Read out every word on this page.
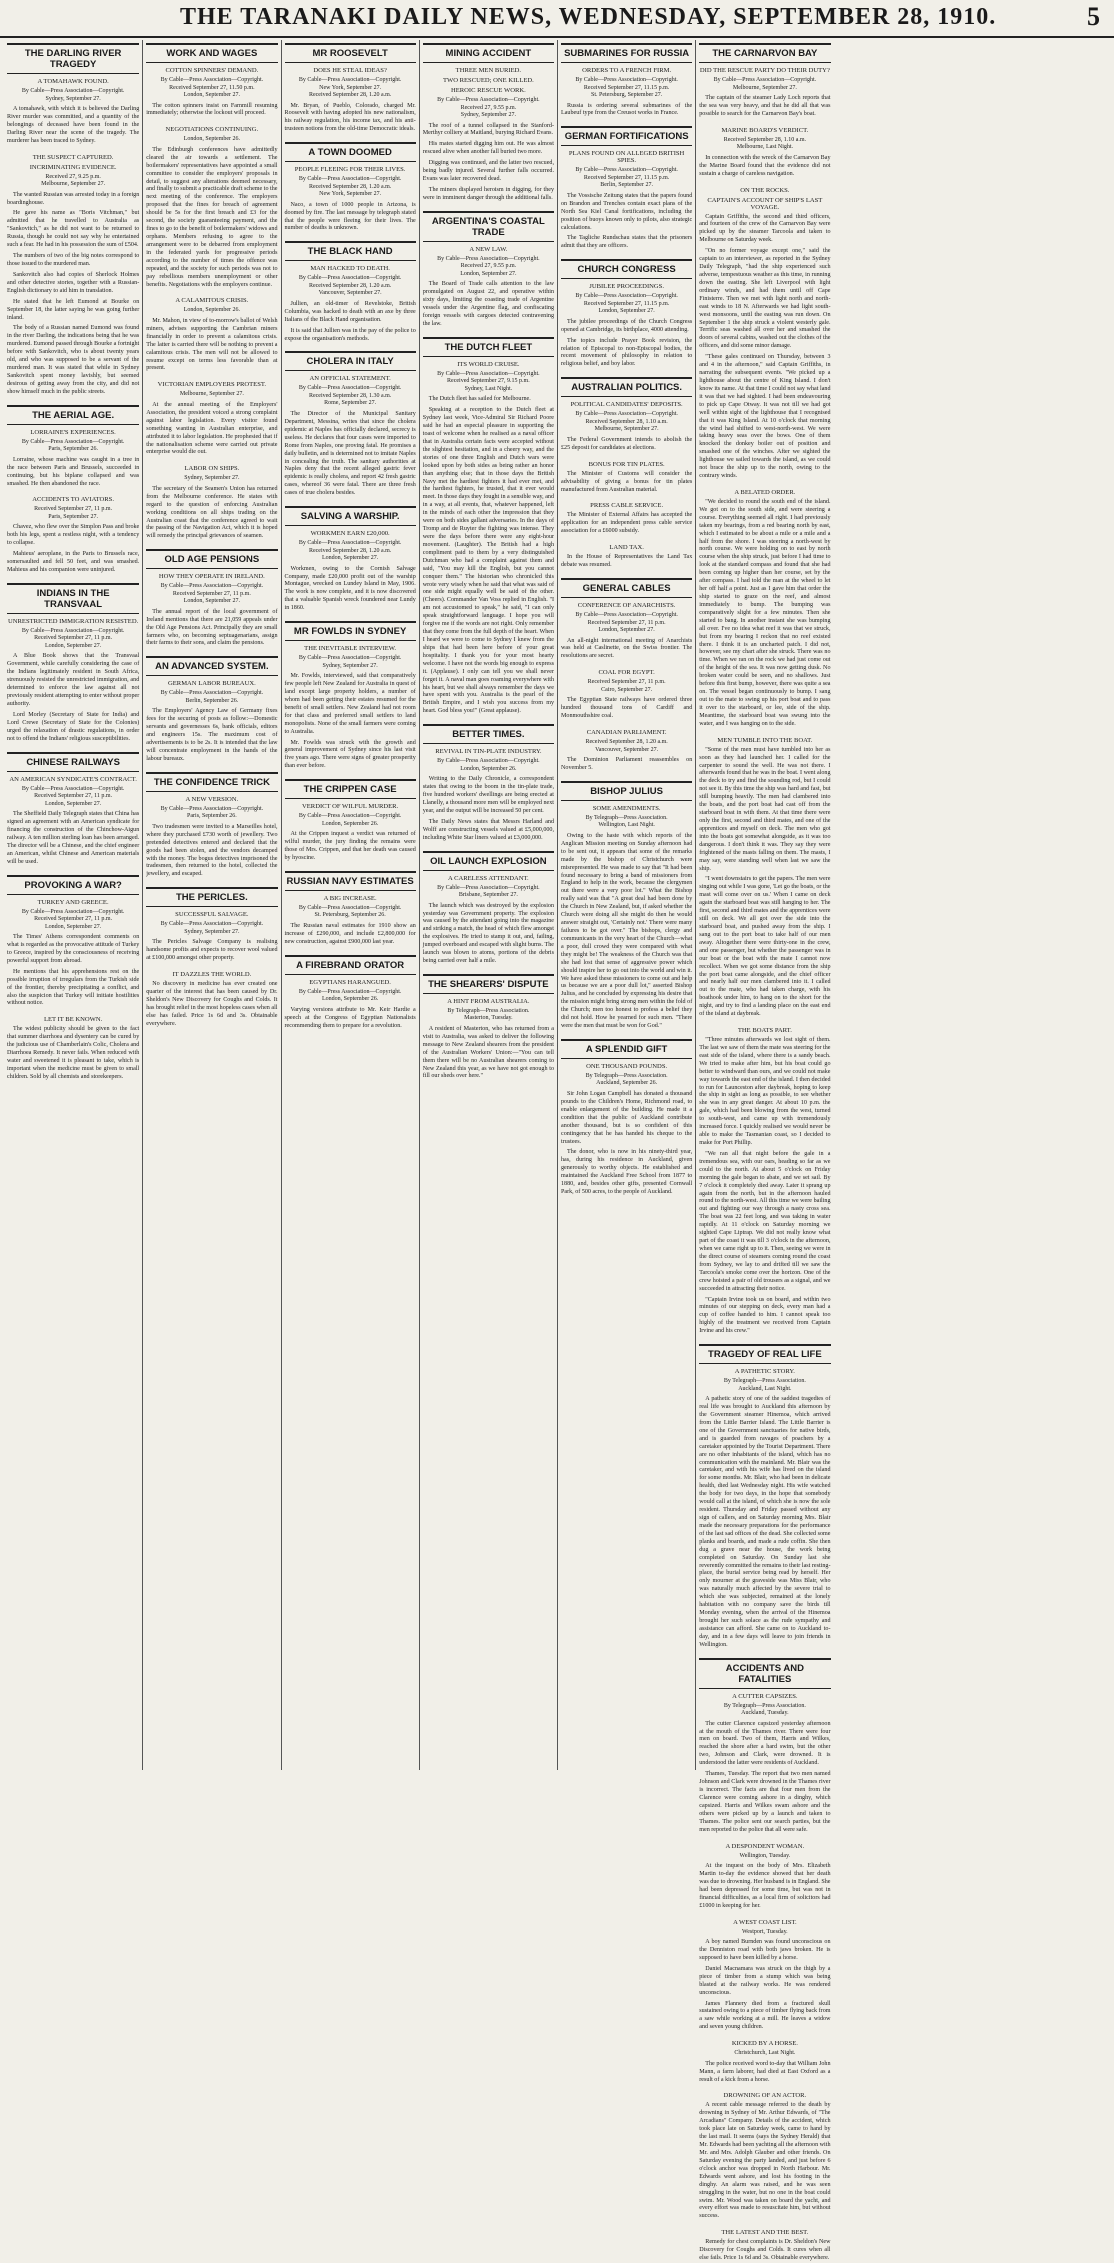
THE TARANAKI DAILY NEWS, WEDNESDAY, SEPTEMBER 28, 1910.	5
THE DARLING RIVER TRAGEDY
A TOMAHAWK FOUND.
By Cable—Press Association—Copyright.
Sydney, September 27.

A tomahawk, with which it is believed the Darling River murder was committed, and a quantity of the belongings of deceased have been found in the Darling River near the scene of the tragedy. The murderer has been traced to Sydney.

THE SUSPECT CAPTURED.
INCRIMINATING EVIDENCE.
Received 27, 9.25 p.m.
Melbourne, September 27.

The wanted Russian was arrested today in a foreign boardinghouse.

He gave his name as "Boris Vitchman," but admitted that he travelled to Australia as "Sankovitch," as he did not want to be returned to Russia, though he could not say why he entertained such a fear. He had in his possession the sum of £504.

The numbers of two of the big notes correspond to those issued to the murdered man.

Sankovitch also had copies of Sherlock Holmes and other detective stories, together with a Russian-English dictionary to aid him in translation.

He stated that he left Eumond at Bourke on September 18, the latter saying he was going further inland.

The body of a Russian named Eumond was found in the river Darling, the indications being that he was murdered. Eumond passed through Bourke a fortnight before with Sankovitch, who is about twenty years old, and who was supposed to be a servant of the murdered man. It was stated that while in Sydney Sankovitch spent money lavishly, but seemed desirous of getting away from the city, and did not show himself much in the public streets.

THE AERIAL AGE.
LORRAINE'S EXPERIENCES.
By Cable—Press Association—Copyright.
Paris, September 26.

Lorraine, whose machine was caught in a tree in the race between Paris and Brussels, succeeded in continuing, but his biplane collapsed and was smashed. He then abandoned the race.

ACCIDENTS TO AVIATORS.
Received September 27, 11 p.m.
Paris, September 27.

Chavez, who flew over the Simplon Pass and broke both his legs, spent a restless night, with a tendency to collapse.

Mahieus' aeroplane, in the Paris to Brussels race, somersaulted and fell 50 feet, and was smashed. Mahieus and his companion were uninjured.

INDIANS IN THE TRANSVAAL
UNRESTRICTED IMMIGRATION RESISTED.
By Cable—Press Association—Copyright.
Received September 27, 11 p.m.
London, September 27.

A Blue Book shows that the Transvaal Government, while carefully considering the case of the Indians legitimately resident in South Africa, strenuously resisted the unrestricted immigration, and determined to enforce the law against all not previously resident attempting to enter without proper authority.

Lord Morley (Secretary of State for India) and Lord Crewe (Secretary of State for the Colonies) urged the relaxation of drastic regulations, in order not to offend the Indians' religious susceptibilities.

CHINESE RAILWAYS
AN AMERICAN SYNDICATE'S CONTRACT.
By Cable—Press Association—Copyright.
Received September 27, 11 p.m.
London, September 27.

The Sheffield Daily Telegraph states that China has signed an agreement with an American syndicate for financing the construction of the Chinchow-Aigun railway. A ten million sterling loan has been arranged. The director will be a Chinese, and the chief engineer an American, whilst Chinese and American materials will be used.

PROVOKING A WAR?
TURKEY AND GREECE.
By Cable—Press Association—Copyright.
Received September 27, 11 p.m.
London, September 27.

The Times' Athens correspondent comments on what is regarded as the provocative attitude of Turkey to Greece, inspired by the consciousness of receiving powerful support from abroad.

He mentions that his apprehensions rest on the possible irruption of irregulars from the Turkish side of the frontier, thereby precipitating a conflict, and also the suspicion that Turkey will initiate hostilities without notice.

LET IT BE KNOWN.

The widest publicity should be given to the fact that summer diarrhoea and dysentery can be cured by the judicious use of Chamberlain's Colic, Cholera and Diarrhoea Remedy. It never fails. When reduced with water and sweetened it is pleasant to take, which is important when the medicine must be given to small children. Sold by all chemists and storekeepers.

WORK AND WAGES
COTTON SPINNERS' DEMAND.
By Cable—Press Association—Copyright.
Received September 27, 11.50 p.m.
London, September 27.

The cotton spinners insist on Farnmill resuming immediately; otherwise the lockout will proceed.

NEGOTIATIONS CONTINUING.
London, September 26.

The Edinburgh conferences have admittedly cleared the air towards a settlement. The boilermakers' representatives have appointed a small committee to consider the employers' proposals in detail, to suggest any alterations deemed necessary, and finally to submit a practicable draft scheme to the next meeting of the conference. The employers proposed that the fines for breach of agreement should be 5s for the first breach and £3 for the second, the society guaranteeing payment, and the fines to go to the benefit of boilermakers' widows and orphans. Members refusing to agree to the arrangement were to be debarred from employment in the federated yards for progressive periods according to the number of times the offence was repeated, and the society for such periods was not to pay rebellious members unemployment or other benefits. Negotiations with the employers continue.

A CALAMITOUS CRISIS.
London, September 26.

Mr. Mahon, in view of to-morrow's ballot of Welsh miners, advises supporting the Cambrian miners financially in order to prevent a calamitous crisis. The latter is carried there will be nothing to prevent a calamitous crisis. The men will not be allowed to resume except on terms less favorable than at present.

VICTORIAN EMPLOYERS PROTEST.
Melbourne, September 27.

At the annual meeting of the Employers' Association, the president voiced a strong complaint against labor legislation. Every visitor found something wanting in Australian enterprise, and attributed it to labor legislation. He prophesied that if the nationalisation scheme were carried out private enterprise would die out.

LABOR ON SHIPS.
Sydney, September 27.

The secretary of the Seamen's Union has returned from the Melbourne conference. He states with regard to the question of enforcing Australian working conditions on all ships trading on the Australian coast that the conference agreed to wait the passing of the Navigation Act, which it is hoped will remedy the principal grievances of seamen.

OLD AGE PENSIONS
HOW THEY OPERATE IN IRELAND.
By Cable—Press Association—Copyright.
Received September 27, 11 p.m.
London, September 27.

The annual report of the local government of Ireland mentions that there are 21,059 appeals under the Old Age Pensions Act. Principally they are small farmers who, on becoming septuagenarians, assign their farms to their sons, and claim the pensions.

AN ADVANCED SYSTEM.
GERMAN LABOR BUREAUX.
By Cable—Press Association—Copyright.
Berlin, September 26.

The Employers' Agency Law of Germany fixes fees for the securing of posts as follow:—Domestic servants and governesses 6s, bank officials, editors and engineers 15s. The maximum cost of advertisements is to be 2s. It is intended that the law will concentrate employment in the hands of the labour bureaux.

THE CONFIDENCE TRICK
A NEW VERSION.
By Cable—Press Association—Copyright.
Paris, September 26.

Two tradesmen were invited to a Marseilles hotel, where they purchased £730 worth of jewellery. Two pretended detectives entered and declared that the goods had been stolen, and the vendors decamped with the money. The bogus detectives imprisoned the tradesmen, then returned to the hotel, collected the jewellery, and escaped.

THE PERICLES.
SUCCESSFUL SALVAGE.
By Cable—Press Association—Copyright.
Sydney, September 27.

The Pericles Salvage Company is realising handsome profits and expects to recover wool valued at £100,000 amongst other property.

IT DAZZLES THE WORLD.

No discovery in medicine has ever created one quarter of the interest that has been caused by Dr. Sheldon's New Discovery for Coughs and Colds. It has brought relief in the most hopeless cases when all else has failed. Price 1s 6d and 3s. Obtainable everywhere.

MR ROOSEVELT
DOES HE STEAL IDEAS?
By Cable—Press Association—Copyright.
New York, September 27.
Received September 28, 1.20 a.m.

Mr. Bryan, of Pueblo, Colorado, charged Mr. Roosevelt with having adopted his new nationalism, his railway regulation, his income tax, and his anti-trusteen notions from the old-time Democratic ideals.

A TOWN DOOMED
PEOPLE FLEEING FOR THEIR LIVES.
By Cable—Press Association—Copyright.
Received September 28, 1.20 a.m.
New York, September 27.

Naco, a town of 1000 people in Arizona, is doomed by fire. The last message by telegraph stated that the people were fleeing for their lives. The number of deaths is unknown.

THE BLACK HAND
MAN HACKED TO DEATH.
By Cable—Press Association—Copyright.
Received September 28, 1.20 a.m.
Vancouver, September 27.

Jullien, an old-timer of Revelstoke, British Columbia, was hacked to death with an axe by three Italians of the Black Hand organisation.

It is said that Jullien was in the pay of the police to expose the organisation's methods.

CHOLERA IN ITALY
AN OFFICIAL STATEMENT.
By Cable—Press Association—Copyright.
Received September 28, 1.30 a.m.
Rome, September 27.

The Director of the Municipal Sanitary Department, Messina, writes that since the cholera epidemic at Naples has officially declared, secrecy is useless. He declares that four cases were imported to Rome from Naples, one proving fatal. He promises a daily bulletin, and is determined not to imitate Naples in concealing the truth. The sanitary authorities at Naples deny that the recent alleged gastric fever epidemic is really cholera, and report 42 fresh gastric cases, whereof 36 were fatal. There are three fresh cases of true cholera besides.

SALVING A WARSHIP.
WORKMEN EARN £20,000.
By Cable—Press Association—Copyright.
Received September 28, 1.20 a.m.
London, September 27.

Workmen, owing to the Cornish Salvage Company, made £20,000 profit out of the warship Montague, wrecked on Lundey Island in May, 1906. The work is now complete, and it is now discovered that a valuable Spanish wreck foundered near Lundy in 1860.

MR FOWLDS IN SYDNEY
THE INEVITABLE INTERVIEW.
By Cable—Press Association—Copyright.
Sydney, September 27.

Mr. Fowlds, interviewed, said that comparatively few people left New Zealand for Australia in quest of land except large property holders, a number of whom had been getting their estates resumed for the benefit of small settlers. New Zealand had not room for that class and preferred small settlers to land monopolists. None of the small farmers were coming to Australia.

Mr. Fowlds was struck with the growth and general improvement of Sydney since his last visit five years ago. There were signs of greater prosperity than ever before.

THE CRIPPEN CASE
VERDICT OF WILFUL MURDER.
By Cable—Press Association—Copyright.
London, September 26.

At the Crippen inquest a verdict was returned of wilful murder, the jury finding the remains were those of Mrs. Crippen, and that her death was caused by hyoscine.

RUSSIAN NAVY ESTIMATES
A BIG INCREASE.
By Cable—Press Association—Copyright.
St. Petersburg, September 26.

The Russian naval estimates for 1910 show an increase of £290,000, and include £2,800,000 for new construction, against £900,000 last year.

A FIREBRAND ORATOR
EGYPTIANS HARANGUED.
By Cable—Press Association—Copyright.
London, September 26.

Varying versions attribute to Mr. Keir Hardie a speech at the Congress of Egyptian Nationalists recommending them to prepare for a revolution.

MINING ACCIDENT
THREE MEN BURIED.
TWO RESCUED; ONE KILLED.
HEROIC RESCUE WORK.
By Cable—Press Association—Copyright.
Received 27, 9.55 p.m.
Sydney, September 27.

The roof of a tunnel collapsed in the Stanford-Merthyr colliery at Maitland, burying Richard Evans.

His mates started digging him out. He was almost rescued alive when another fall buried two more.

Digging was continued, and the latter two rescued, being badly injured. Several further falls occurred. Evans was later recovered dead.

The miners displayed heroism in digging, for they were in imminent danger through the additional falls.

ARGENTINA'S COASTAL TRADE
A NEW LAW.
By Cable—Press Association—Copyright.
Received 27, 9.55 p.m.
London, September 27.

The Board of Trade calls attention to the law promulgated on August 22, and operative within sixty days, limiting the coasting trade of Argentine vessels under the Argentine flag, and confiscating foreign vessels with cargoes detected contravening the law.

THE DUTCH FLEET
ITS WORLD CRUISE.
By Cable—Press Association—Copyright.
Received September 27, 9.15 p.m.
Sydney, Last Night.

The Dutch fleet has sailed for Melbourne.

Speaking at a reception to the Dutch fleet at Sydney last week, Vice-Admiral Sir Richard Poore said he had an especial pleasure in supporting the toast of welcome when he realised as a naval officer that in Australia certain facts were accepted without the slightest hesitation, and in a cheery way, and the stories of one three English and Dutch wars were looked upon by both sides as being rather an honor than anything else; that in those days the British Navy met the hardiest fighters it had ever met, and the hardiest fighters, he trusted, that it ever would meet. In those days they fought in a sensible way, and in a way, at all events, that, whatever happened, left in the minds of each other the impression that they were on both sides gallant adversaries. In the days of Tromp and de Ruyter the fighting was intense. They were the days before there were any eight-hour movement. (Laughter). The British had a high compliment paid to them by a very distinguished Dutchman who had a complaint against them and said, "You may kill the English, but you cannot conquer them." The historian who chronicled this wrote very wisely when he said that what was said of one side might equally well be said of the other. (Cheers). Commander Van Voss replied in English. "I am not accustomed to speak," he said, "I can only speak straightforward language. I hope you will forgive me if the words are not right. Only remember that they come from the full depth of the heart. When I heard we were to come to Sydney I knew from the ships that had been here before of your great hospitality. I thank you for your most hearty welcome. I have not the words big enough to express it. (Applause). I only can tell you we shall never forget it. A naval man goes roaming everywhere with his heart, but we shall always remember the days we have spent with you. Australia is the pearl of the British Empire, and I wish you success from my heart. God bless you!" (Great applause).

BETTER TIMES.
REVIVAL IN TIN-PLATE INDUSTRY.
By Cable—Press Association—Copyright.
London, September 26.

Writing to the Daily Chronicle, a correspondent states that owing to the boom in the tin-plate trade, five hundred workers' dwellings are being erected at Llanelly, a thousand more men will be employed next year, and the output will be increased 50 per cent.

The Daily News states that Messrs Harland and Wolff are constructing vessels valued at £5,000,000, including White Star liners valued at £3,000,000.

OIL LAUNCH EXPLOSION
A CARELESS ATTENDANT.
By Cable—Press Association—Copyright.
Brisbane, September 27.

The launch which was destroyed by the explosion yesterday was Government property. The explosion was caused by the attendant going into the magazine and striking a match, the head of which flew amongst the explosives. He tried to stamp it out, and, failing, jumped overboard and escaped with slight burns. The launch was blown to atoms, portions of the debris being carried over half a mile.

THE SHEARERS' DISPUTE
A HINT FROM AUSTRALIA.
By Telegraph—Press Association.
Masterton, Tuesday.

A resident of Masterton, who has returned from a visit to Australia, was asked to deliver the following message to New Zealand shearers from the president of the Australian Workers' Union:—"You can tell them there will be no Australian shearers coming to New Zealand this year, as we have not got enough to fill our sheds over here."

SUBMARINES FOR RUSSIA
ORDERS TO A FRENCH FIRM.
By Cable—Press Association—Copyright.
Received September 27, 11.15 p.m.
St. Petersburg, September 27.

Russia is ordering several submarines of the Laubeuf type from the Creusot works in France.

GERMAN FORTIFICATIONS
PLANS FOUND ON ALLEGED BRITISH SPIES.
By Cable—Press Association—Copyright.
Received September 27, 11.15 p.m.
Berlin, September 27.

The Vossische Zeitung states that the papers found on Brandon and Trenches contain exact plans of the North Sea Kiel Canal fortifications, including the position of buoys known only to pilots, also strategic calculations.

The Tagliche Rundschau states that the prisoners admit that they are officers.

CHURCH CONGRESS
JUBILEE PROCEEDINGS.
By Cable—Press Association—Copyright.
Received September 27, 11.15 p.m.
London, September 27.

The jubilee proceedings of the Church Congress opened at Cambridge, its birthplace, 4000 attending.

The topics include Prayer Book revision, the relation of Episcopal to non-Episcopal bodies, the recent movement of philosophy in relation to religious belief, and boy labor.

AUSTRALIAN POLITICS.
POLITICAL CANDIDATES' DEPOSITS.
By Cable—Press Association—Copyright.
Received September 28, 1.10 a.m.
Melbourne, September 27.

The Federal Government intends to abolish the £25 deposit for candidates at elections.

BONUS FOR TIN PLATES.

The Minister of Customs will consider the advisability of giving a bonus for tin plates manufactured from Australian material.

PRESS CABLE SERVICE.

The Minister of External Affairs has accepted the application for an independent press cable service association for a £6000 subsidy.

LAND TAX.

In the House of Representatives the Land Tax debate was resumed.

GENERAL CABLES
CONFERENCE OF ANARCHISTS.
By Cable—Press Association—Copyright.
Received September 27, 11 p.m.
London, September 27.

An all-night international meeting of Anarchists was held at Caslinette, on the Swiss frontier. The resolutions are secret.

COAL FOR EGYPT.
Received September 27, 11 p.m.
Cairo, September 27.

The Egyptian State railways have ordered three hundred thousand tons of Cardiff and Monmouthshire coal.

CANADIAN PARLIAMENT.
Received September 28, 1.20 a.m.
Vancouver, September 27.

The Dominion Parliament reassembles on November 5.

BISHOP JULIUS
SOME AMENDMENTS.
By Telegraph—Press Association.
Wellington, Last Night.

Owing to the haste with which reports of the Anglican Mission meeting on Sunday afternoon had to be sent out, it appears that some of the remarks made by the bishop of Christchurch were misrepresented. He was made to say that "It had been found necessary to bring a band of missioners from England to help in the work, because the clergymen out there were a very poor lot." What the Bishop really said was that "A great deal had been done by the Church in New Zealand, but, if asked whether the Church were doing all she might do then he would answer straight out, 'Certainly not.' There were many failures to be got over." The bishops, clergy and communicants in the very heart of the Church—what a poor, dull crowd they were compared with what they might be! The weakness of the Church was that she had lost that sense of aggressive power which should inspire her to go out into the world and win it. We have asked these missioners to come out and help us because we are a poor dull lot," asserted Bishop Julius, and he concluded by expressing his desire that the mission might bring strong men within the fold of the Church; men too honest to profess a belief they did not hold. How he yearned for such men. "There were the men that must be won for God."

A SPLENDID GIFT
ONE THOUSAND POUNDS.
By Telegraph—Press Association.
Auckland, September 26.

Sir John Logan Campbell has donated a thousand pounds to the Children's Home, Richmond road, to enable enlargement of the building. He made it a condition that the public of Auckland contribute another thousand, but is so confident of this contingency that he has handed his cheque to the trustees.

The donor, who is now in his ninety-third year, has, during his residence in Auckland, given generously to worthy objects. He established and maintained the Auckland Free School from 1877 to 1880, and, besides other gifts, presented Cornwall Park, of 500 acres, to the people of Auckland.

THE CARNARVON BAY
DID THE RESCUE PARTY DO THEIR DUTY?
By Cable—Press Association—Copyright.
Melbourne, September 27.

The captain of the steamer Lady Loch reports that the sea was very heavy, and that he did all that was possible to search for the Carnarvon Bay's boat.

MARINE BOARD'S VERDICT.
Received September 28, 1.10 a.m.
Melbourne, Last Night.

In connection with the wreck of the Carnarvon Bay the Marine Board found that the evidence did not sustain a charge of careless navigation.

ON THE ROCKS.
CAPTAIN'S ACCOUNT OF SHIP'S LAST VOYAGE.

Captain Griffiths, the second and third officers, and fourteen of the crew of the Carnarvon Bay were picked up by the steamer Tarcoola and taken to Melbourne on Saturday week.

"On no former voyage except one," said the captain to an interviewer, as reported in the Sydney Daily Telegraph, "had the ship experienced such adverse, tempestuous weather as this time, in running down the easting. She left Liverpool with light ordinary winds, and had them until off Cape Finisterre. Then we met with light north and north-east winds to 18 N. Afterwards we had light south-west monsoons, until the easting was run down. On September 1 the ship struck a violent westerly gale. Terrific seas washed all over her and smashed the doors of several cabins, washed out the clothes of the officers, and did some minor damage.

"These gales continued on Thursday, between 3 and 4 in the afternoon," said Captain Griffiths, in narrating the subsequent events. "We picked up a lighthouse about the centre of King Island. I don't know its name. At that time I could not say what land it was that we had sighted. I had been endeavouring to pick up Cape Otway. It was not till we had got well within sight of the lighthouse that I recognised that it was King Island. At 10 o'clock that morning the wind had shifted to west-north-west. We were taking heavy seas over the bows. One of them knocked the donkey boiler out of position and smashed one of the winches. After we sighted the lighthouse we sailed towards the island, as we could not brace the ship up to the north, owing to the contrary winds.

A BELATED ORDER.

"We decided to round the south end of the island. We got on to the south side, and were steering a course. Everything seemed all right. I had previously taken my bearings, from a red bearing north by east, which I estimated to be about a mile or a mile and a half from the shore. I was steering a north-west by north course. We were holding on to east by north course when the ship struck, just before I had time to look at the standard compass and found that she had been coming up higher than her course, set by the after compass. I had told the man at the wheel to let her off half a point. Just as I gave him that order the ship started to graze on the reef, and almost immediately to bump. The bumping was comparatively slight for a few minutes. Then she started to bang. In another instant she was bumping all over. I've no idea what reef it was that we struck, but from my bearing I reckon that no reef existed there. I think it is an uncharted patch. I did not, however, see my chart after she struck. There was no time. When we ran on the rock we had just come out of the height of the sea. It was now getting dusk. No broken water could be seen, and no shallows. Just before this first bump, however, there was quite a sea on. The vessel began continuously to bump. I sang out to the mate to swing up his port boat and to pass it over to the starboard, or lee, side of the ship. Meantime, the starboard boat was swung into the water, and I was hanging on to the side.

MEN TUMBLE INTO THE BOAT.

"Some of the men must have tumbled into her as soon as they had launched her. I called for the carpenter to sound the well. He was not there. I afterwards found that he was in the boat. I went along the deck to try and find the sounding rod, but I could not see it. By this time the ship was hard and fast, but still bumping heavily. The men had clambered into the boats, and the port boat had cast off from the starboard boat in with them. At that time there were only the first, second and third mates, and one of the apprentices and myself on deck. The men who got into the boats got somewhat alongside, as it was too dangerous. I don't think it was. They say they were frightened of the masts falling on them. The masts, I may say, were standing well when last we saw the ship.

"I went downstairs to get the papers. The men were singing out while I was gone, 'Let go the boats, or the mast will come over on us.' When I came on deck again the starboard boat was still hanging to her. The first, second and third mates and the apprentices were still on deck. We all got over the side into the starboard boat, and pushed away from the ship. I sang out to the port boat to take half of our men away. Altogether there were thirty-one in the crew, and one passenger, but whether the passenger was in our boat or the boat with the mate I cannot now recollect. When we got some distance from the ship the port boat came alongside, and the chief officer and nearly half our men clambered into it. I called out to the mate, who had taken charge, with his boathook under him, to hang on to the short for the night, and try to find a landing place on the east end of the island at daybreak.

THE BOATS PART.

"Three minutes afterwards we lost sight of them. The last we saw of them the mate was steering for the east side of the island, where there is a sandy beach. We tried to make after him, but his boat could go better to windward than ours, and we could not make way towards the east end of the island. I then decided to run for Launceston after daybreak, hoping to keep the ship in sight as long as possible, to see whether she was in any great danger. At about 10 p.m. the gale, which had been blowing from the west, turned to south-west, and came up with tremendously increased force. I quickly realised we would never be able to make the Tasmanian coast, so I decided to make for Port Phillip.

"We ran all that night before the gale in a tremendous sea, with our oars, heading so far as we could to the north. At about 5 o'clock on Friday morning the gale began to abate, and we set sail. By 7 o'clock it completely died away. Later it sprang up again from the north, but in the afternoon hauled round to the north-west. All this time we were bailing out and fighting our way through a nasty cross sea. The boat was 22 feet long, and was taking in water rapidly. At 11 o'clock on Saturday morning we sighted Cape Liptrap. We did not really know what part of the coast it was till 3 o'clock in the afternoon, when we came right up to it. Then, seeing we were in the direct course of steamers coming round the coast from Sydney, we lay to and drifted till we saw the Tarcoola's smoke come over the horizon. One of the crew hoisted a pair of old trousers as a signal, and we succeeded in attracting their notice.

"Captain Irvine took us on board, and within two minutes of our stepping on deck, every man had a cup of coffee handed to him. I cannot speak too highly of the treatment we received from Captain Irvine and his crew."

TRAGEDY OF REAL LIFE
A PATHETIC STORY.
By Telegraph—Press Association.
Auckland, Last Night.

A pathetic story of one of the saddest tragedies of real life was brought to Auckland this afternoon by the Government steamer Hinemoa, which arrived from the Little Barrier Island. The Little Barrier is one of the Government sanctuaries for native birds, and is guarded from ravages of poachers by a caretaker appointed by the Tourist Department. There are no other inhabitants of the island, which has no communication with the mainland. Mr. Blair was the caretaker, and with his wife has lived on the island for some months. Mr. Blair, who had been in delicate health, died last Wednesday night. His wife watched the body for two days, in the hope that somebody would call at the island, of which she is now the sole resident. Thursday and Friday passed without any sign of callers, and on Saturday morning Mrs. Blair made the necessary preparations for the performance of the last sad offices of the dead. She collected some planks and boards, and made a rude coffin. She then dug a grave near the house, the work being completed on Saturday. On Sunday last she reverently committed the remains to their last resting-place, the burial service being read by herself. Her only mourner at the graveside was Miss Blair, who was naturally much affected by the severe trial to which she was subjected, remained at the lonely habitation with no company save the birds till Monday evening, when the arrival of the Hinemoa brought her such solace as the rude sympathy and assistance can afford. She came on to Auckland to-day, and in a few days will leave to join friends in Wellington.

ACCIDENTS AND FATALITIES
A CUTTER CAPSIZES.
By Telegraph—Press Association.
Auckland, Tuesday.

The cutter Clarence capsized yesterday afternoon at the mouth of the Thames river. There were four men on board. Two of them, Harris and Wilkes, reached the shore after a hard swim, but the other two, Johnson and Clark, were drowned. It is understood the latter were residents of Auckland.

Thames, Tuesday. The report that two men named Johnson and Clark were drowned in the Thames river is incorrect. The facts are that four men from the Clarence were coming ashore in a dinghy, which capsized. Harris and Wilkes swam ashore and the others were picked up by a launch and taken to Thames. The police sent our search parties, but the men reported to the police that all were safe.

A DESPONDENT WOMAN.
Wellington, Tuesday.

At the inquest on the body of Mrs. Elizabeth Martin to-day the evidence showed that her death was due to drowning. Her husband is in England. She had been depressed for some time, but was not in financial difficulties, as a local firm of solicitors had £1000 in keeping for her.

A WEST COAST LIST.
Westport, Tuesday.

A boy named Burnden was found unconscious on the Denniston road with both jaws broken. He is supposed to have been killed by a horse.

Daniel Macnamara was struck on the thigh by a piece of timber from a stump which was being blasted at the railway works. He was rendered unconscious.

James Flannery died from a fractured skull sustained owing to a piece of timber flying back from a saw while working at a mill. He leaves a widow and seven young children.

KICKED BY A HORSE.
Christchurch, Last Night.

The police received word to-day that William John Mann, a farm laborer, had died at East Oxford as a result of a kick from a horse.

DROWNING OF AN ACTOR.

A recent cable message referred to the death by drowning in Sydney of Mr. Arthur Edwards, of "The Arcadians" Company. Details of the accident, which took place late on Saturday week, came to hand by the last mail. It seems (says the Sydney Herald) that Mr. Edwards had been yachting all the afternoon with Mr. and Mrs. Adolph Glauber and other friends. On Saturday evening the party landed, and just before 6 o'clock anchor was dropped in North Harbour. Mr. Edwards went ashore, and lost his footing in the dinghy. An alarm was raised, and he was seen struggling in the water, but no one in the boat could swim. Mr. Wood was taken on board the yacht, and every effort was made to resuscitate him, but without success.

THE LATEST AND THE BEST.

Remedy for chest complaints is Dr. Sheldon's New Discovery for Coughs and Colds. It cures when all else fails. Price 1s 6d and 3s. Obtainable everywhere.
